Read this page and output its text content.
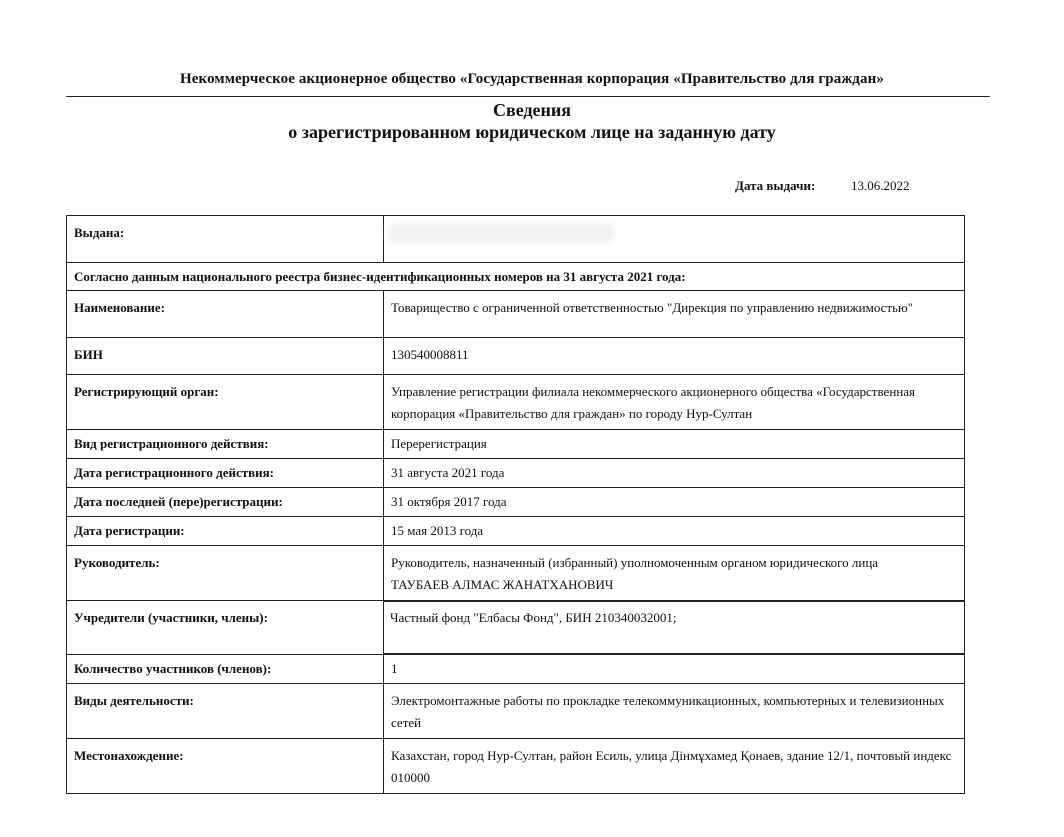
Некоммерческое акционерное общество «Государственная корпорация «Правительство для граждан»
Сведения
о зарегистрированном юридическом лице на заданную дату
Дата выдачи:	13.06.2022
Выдана:	
Согласно данным национального реестра бизнес-идентификационных номеров на 31 августа 2021 года:	
Наименование:	Товарищество с ограниченной ответственностью "Дирекция по управлению недвижимостью"
БИН	130540008811
Регистрирующий орган:	Управление регистрации филиала некоммерческого акционерного общества «Государственная корпорация «Правительство для граждан» по городу Нур-Султан
Вид регистрационного действия:	Перерегистрация
Дата регистрационного действия:	31 августа 2021 года
Дата последней (пере)регистрации:	31 октября 2017 года
Дата регистрации:	15 мая 2013 года
Руководитель:	Руководитель, назначенный (избранный) уполномоченным органом юридического лица
ТАУБАЕВ АЛМАС ЖАНАТХАНОВИЧ

Учредители (участники, члены):	Частный фонд "Елбасы Фонд", БИН 210340032001;

Количество участников (членов):	1
Виды деятельности:	Электромонтажные работы по прокладке телекоммуникационных, компьютерных и телевизионных сетей
Местонахождение:	Казахстан, город Нур-Султан, район Есиль, улица Дінмұхамед Қонаев, здание 12/1, почтовый индекс 010000
